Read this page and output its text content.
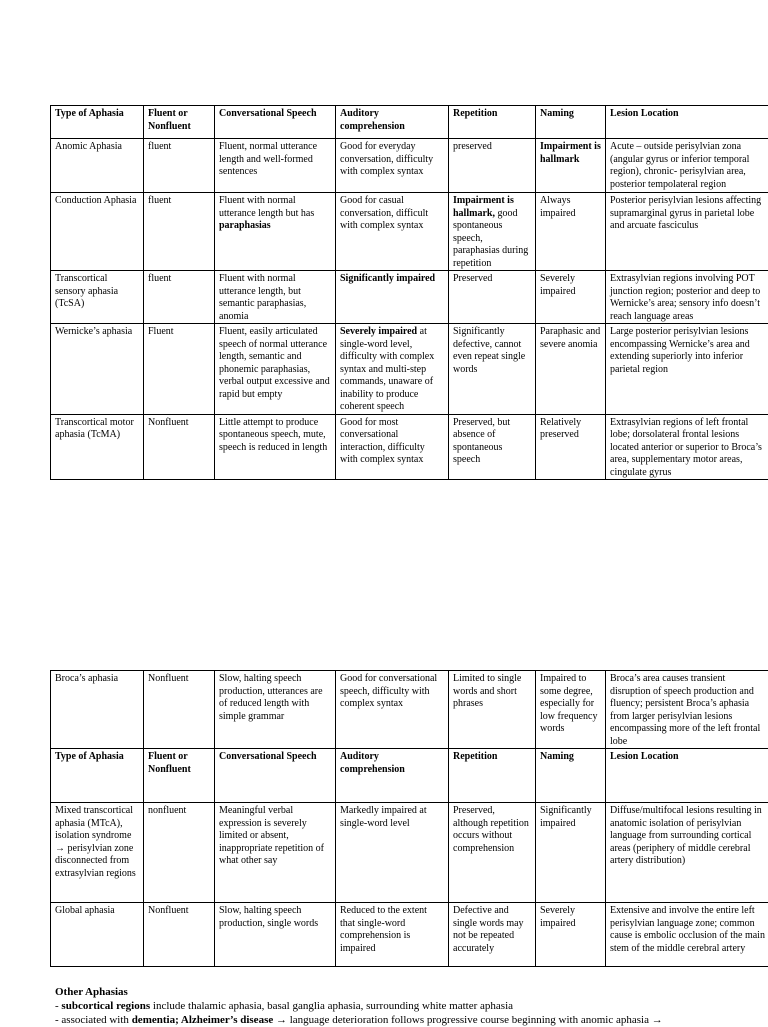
Type of Aphasia	Fluent or Nonfluent	Conversational Speech	Auditory comprehension	Repetition	Naming	Lesion Location
Anomic Aphasia	fluent	Fluent, normal utterance length and well-formed sentences	Good for everyday conversation, difficulty with complex syntax	preserved	Impairment is hallmark	Acute – outside perisylvian zona (angular gyrus or inferior temporal region), chronic- perisylvian area, posterior tempolateral region
Conduction Aphasia	fluent	Fluent with normal utterance length but has paraphasias	Good for casual conversation, difficult with complex syntax	Impairment is hallmark, good spontaneous speech, paraphasias during repetition	Always impaired	Posterior perisylvian lesions affecting supramarginal gyrus in parietal lobe and arcuate fasciculus
Transcortical sensory aphasia (TcSA)	fluent	Fluent with normal utterance length, but semantic paraphasias, anomia	Significantly impaired	Preserved	Severely impaired	Extrasylvian regions involving POT junction region; posterior and deep to Wernicke’s area; sensory info doesn’t reach language areas
Wernicke’s aphasia	Fluent	Fluent, easily articulated speech of normal utterance length, semantic and phonemic paraphasias, verbal output excessive and rapid but empty	Severely impaired at single-word level, difficulty with complex syntax and multi-step commands, unaware of inability to produce coherent speech	Significantly defective, cannot even repeat single words	Paraphasic and severe anomia	Large posterior perisylvian lesions encompassing Wernicke’s area and extending superiorly into inferior parietal region
Transcortical motor aphasia (TcMA)	Nonfluent	Little attempt to produce spontaneous speech, mute, speech is reduced in length	Good for most conversational interaction, difficulty with complex syntax	Preserved, but absence of spontaneous speech	Relatively preserved	Extrasylvian regions of left frontal lobe; dorsolateral frontal lesions located anterior or superior to Broca’s area, supplementary motor areas, cingulate gyrus
Broca’s aphasia	Nonfluent	Slow, halting speech production, utterances are of reduced length with simple grammar	Good for conversational speech, difficulty with complex syntax	Limited to single words and short phrases	Impaired to some degree, especially for low frequency words	Broca’s area causes transient disruption of speech production and fluency; persistent Broca’s aphasia from larger perisylvian lesions encompassing more of the left frontal lobe
Type of Aphasia	Fluent or Nonfluent	Conversational Speech	Auditory comprehension	Repetition	Naming	Lesion Location
Mixed transcortical aphasia (MTcA), isolation syndrome → perisylvian zone disconnected from extrasylvian regions	nonfluent	Meaningful verbal expression is severely limited or absent, inappropriate repetition of what other say	Markedly impaired at single-word level	Preserved, although repetition occurs without comprehension	Significantly impaired	Diffuse/multifocal lesions resulting in anatomic isolation of perisylvian language from surrounding cortical areas (periphery of middle cerebral artery distribution)
Global aphasia	Nonfluent	Slow, halting speech production, single words	Reduced to the extent that single-word comprehension is impaired	Defective and single words may not be repeated accurately	Severely impaired	Extensive and involve the entire left perisylvian language zone; common cause is embolic occlusion of the main stem of the middle cerebral artery
Other Aphasias
- subcortical regions include thalamic aphasia, basal ganglia aphasia, surrounding white matter aphasia
- associated with dementia; Alzheimer’s disease → language deterioration follows progressive course beginning with anomic aphasia →
